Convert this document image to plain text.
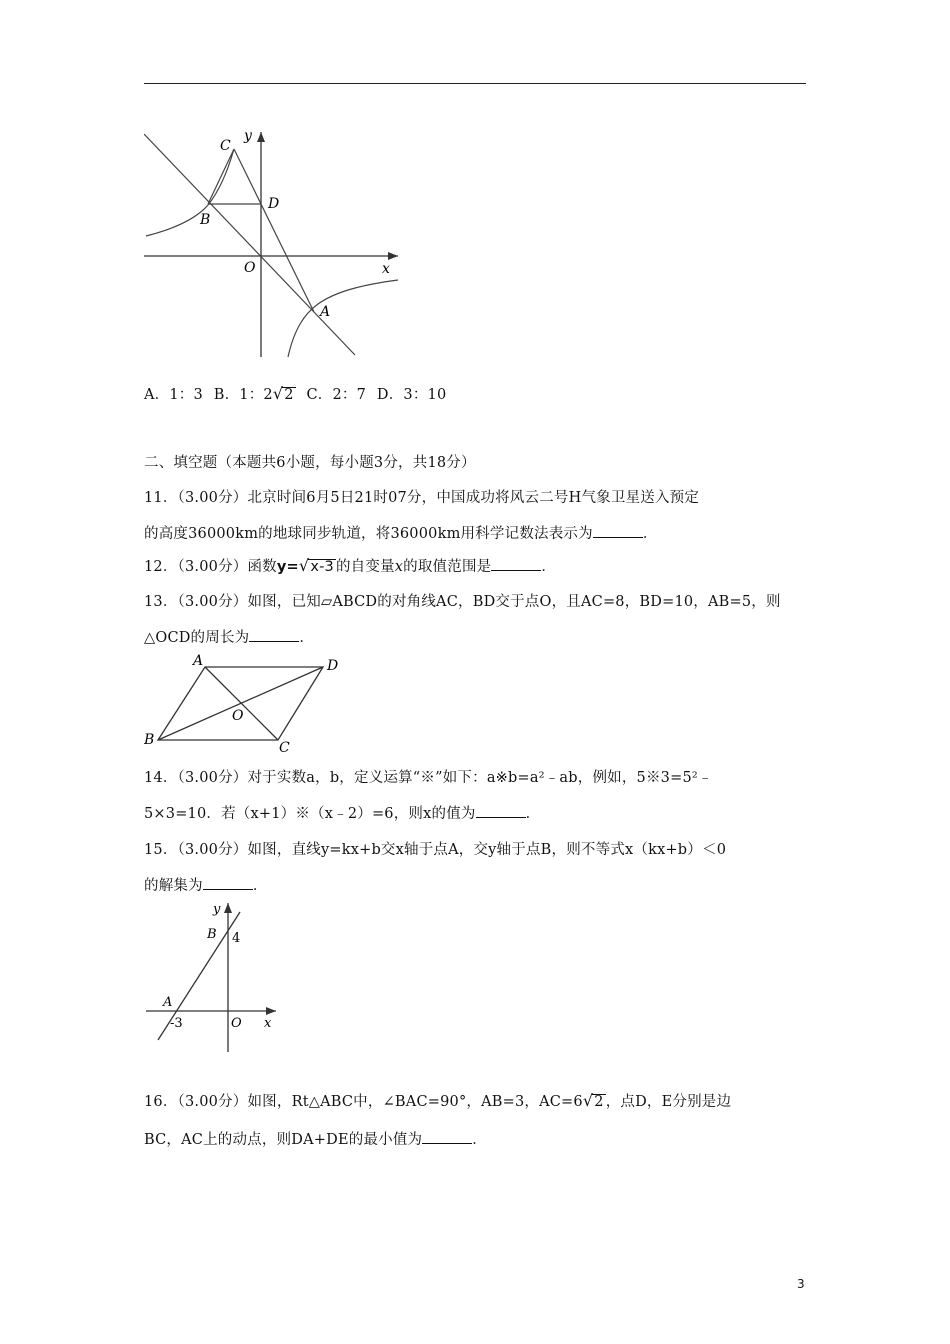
C
y
B
D
O	x
A
A．1：3 B．1：2√2 C．2：7 D．3：10
二、填空题（本题共6小题，每小题3分，共18分）
11．（3.00分）北京时间6月5日21时07分，中国成功将风云二号H气象卫星送入预定
的高度36000km的地球同步轨道，将36000km用科学记数法表示为	．
12．（3.00分）函数y=√x-3 的自变量x的取值范围是	．
13．（3.00分）如图，已知▱ABCD的对角线AC，BD交于点O，且AC=8，BD=10，AB=5，则
△OCD的周长为	．
A	D
O
B	C
14．（3.00分）对于实数a，b，定义运算“※”如下：a※b=a²﹣ab，例如，5※3=5²﹣
5×3=10．若（x+1）※（x﹣2）=6，则x的值为	．
15．（3.00分）如图，直线y=kx+b交x轴于点A，交y轴于点B，则不等式x（kx+b）＜0
的解集为	．
y
B 4
A
-3	O x
16．（3.00分）如图，Rt△ABC中，∠BAC=90°，AB=3，AC=6√2 ，点D，E分别是边
BC，AC上的动点，则DA+DE的最小值为	．
3
